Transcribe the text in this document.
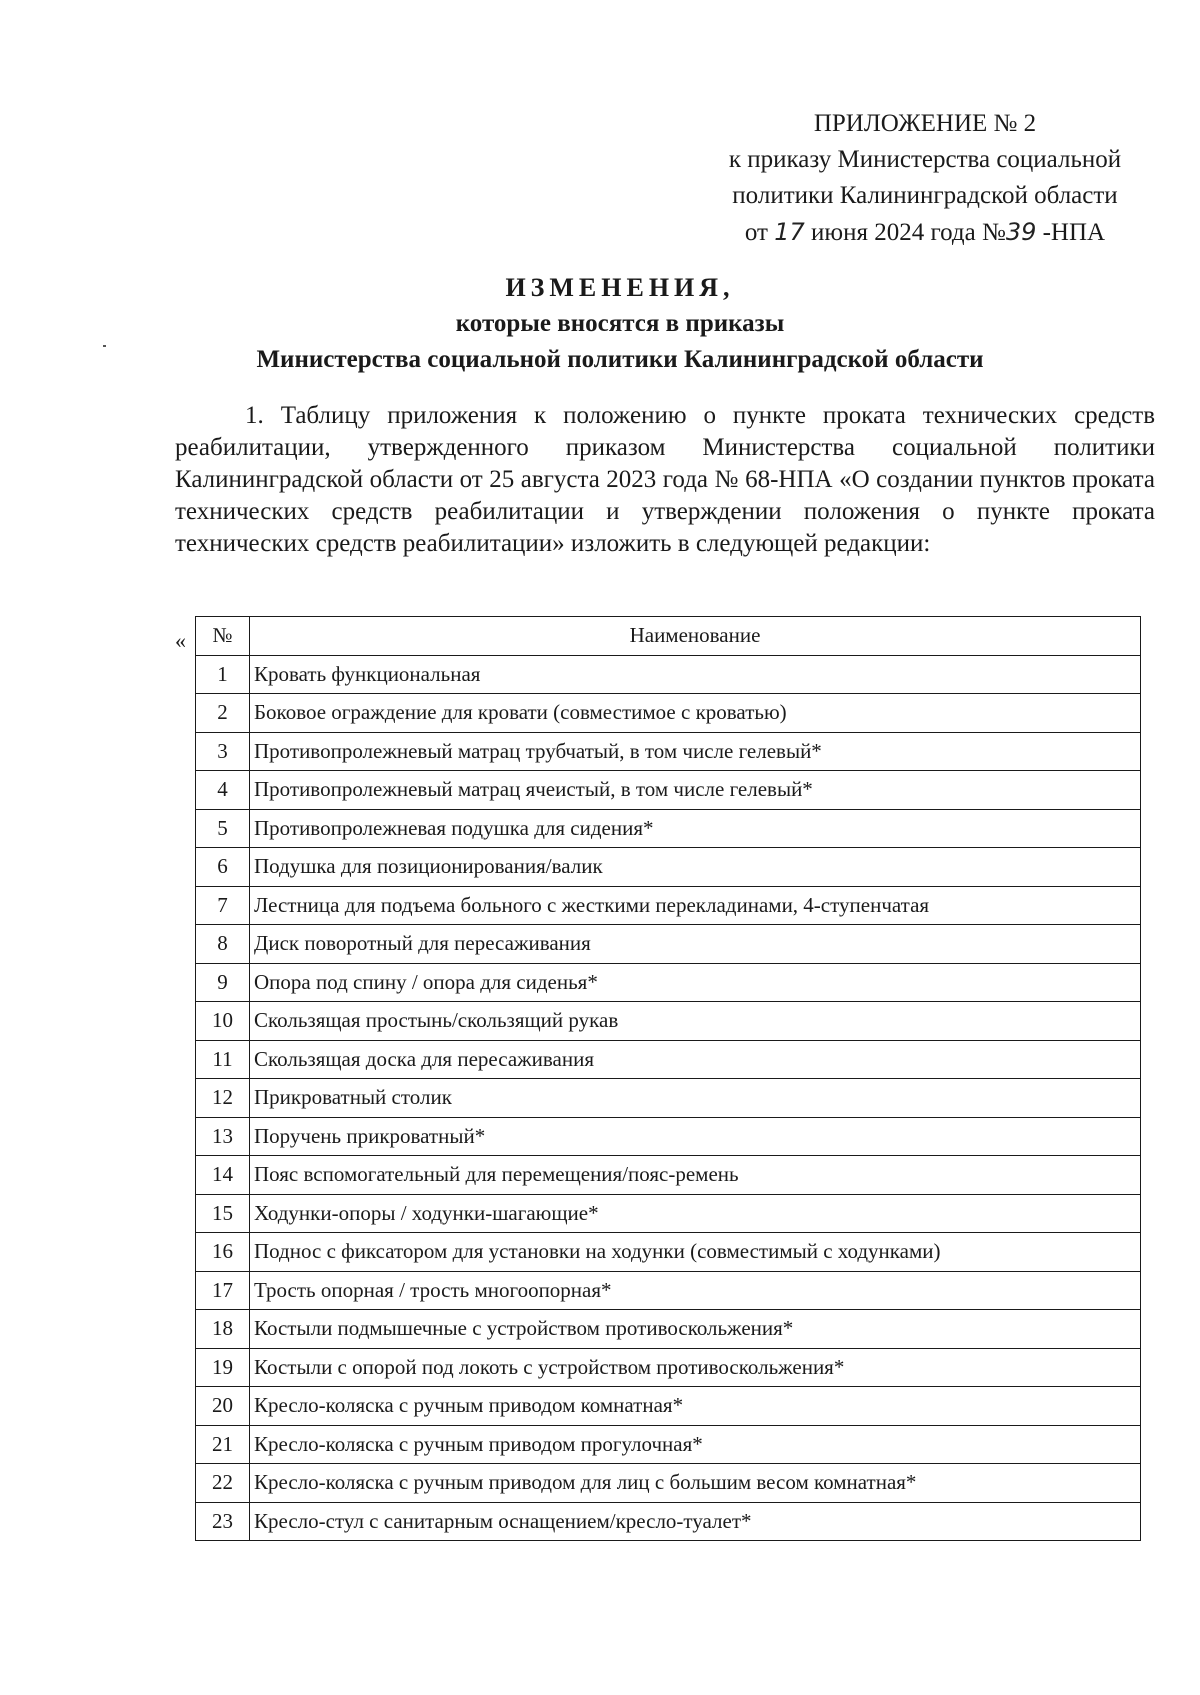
ПРИЛОЖЕНИЕ № 2
к приказу Министерства социальной
политики Калининградской области
от 17 июня 2024 года №39 -НПА
ИЗМЕНЕНИЯ,
которые вносятся в приказы
Министерства социальной политики Калининградской области
1. Таблицу приложения к положению о пункте проката технических средств реабилитации, утвержденного приказом Министерства социальной политики Калининградской области от 25 августа 2023 года № 68-НПА «О создании пунктов проката технических средств реабилитации и утверждении положения о пункте проката технических средств реабилитации» изложить в следующей редакции:
« №	Наименование
1	Кровать функциональная
2	Боковое ограждение для кровати (совместимое с кроватью)
3	Противопролежневый матрац трубчатый, в том числе гелевый*
4	Противопролежневый матрац ячеистый, в том числе гелевый*
5	Противопролежневая подушка для сидения*
6	Подушка для позиционирования/валик
7	Лестница для подъема больного с жесткими перекладинами, 4-ступенчатая
8	Диск поворотный для пересаживания
9	Опора под спину / опора для сиденья*
10	Скользящая простынь/скользящий рукав
11	Скользящая доска для пересаживания
12	Прикроватный столик
13	Поручень прикроватный*
14	Пояс вспомогательный для перемещения/пояс-ремень
15	Ходунки-опоры / ходунки-шагающие*
16	Поднос с фиксатором для установки на ходунки (совместимый с ходунками)
17	Трость опорная / трость многоопорная*
18	Костыли подмышечные с устройством противоскольжения*
19	Костыли с опорой под локоть с устройством противоскольжения*
20	Кресло-коляска с ручным приводом комнатная*
21	Кресло-коляска с ручным приводом прогулочная*
22	Кресло-коляска с ручным приводом для лиц с большим весом комнатная*
23	Кресло-стул с санитарным оснащением/кресло-туалет*
